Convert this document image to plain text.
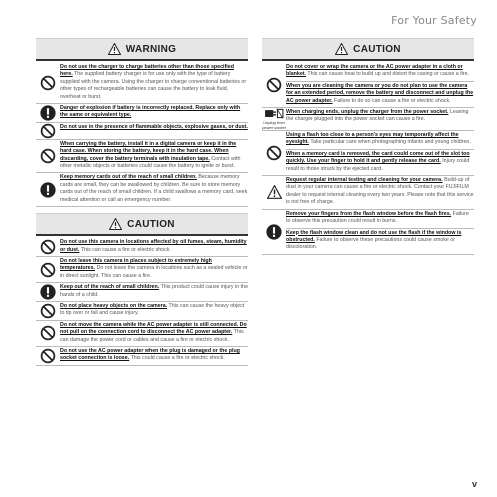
For Your Safety
WARNING
Do not use the charger to charge batteries other than those specified here. The supplied battery charger is for use only with the type of battery supplied with the camera. Using the charger to charge conventional batteries or other types of rechargeable batteries can cause the battery to leak fluid, overheat or burst.
Danger of explosion if battery is incorrectly replaced. Replace only with the same or equivalent type.
Do not use in the presence of flammable objects, explosive gases, or dust.
When carrying the battery, install it in a digital camera or keep it in the hard case. When storing the battery, keep it in the hard case. When discarding, cover the battery terminals with insulation tape. Contact with other metallic objects or batteries could cause the battery to ignite or burst.
Keep memory cards out of the reach of small children. Because memory cards are small, they can be swallowed by children. Be sure to store memory cards out of the reach of small children. If a child swallows a memory card, seek medical attention or call an emergency number.
CAUTION
Do not use this camera in locations affected by oil fumes, steam, humidity or dust. This can cause a fire or electric shock.
Do not leave this camera in places subject to extremely high temperatures. Do not leave the camera in locations such as a sealed vehicle or in direct sunlight. This can cause a fire.
Keep out of the reach of small children. This product could cause injury in the hands of a child.
Do not place heavy objects on the camera. This can cause the heavy object to tip over or fall and cause injury.
Do not move the camera while the AC power adapter is still connected. Do not pull on the connection cord to disconnect the AC power adapter. This can damage the power cord or cables and cause a fire or electric shock.
Do not use the AC power adapter when the plug is damaged or the plug socket connection is loose. This could cause a fire or electric shock.
CAUTION
Do not cover or wrap the camera or the AC power adapter in a cloth or blanket. This can cause heat to build up and distort the casing or cause a fire.
When you are cleaning the camera or you do not plan to use the camera for an extended period, remove the battery and disconnect and unplug the AC power adapter. Failure to do so can cause a fire or electric shock.
Unplug from power socket
When charging ends, unplug the charger from the power socket. Leaving the charger plugged into the power socket can cause a fire.
Using a flash too close to a person's eyes may temporarily affect the eyesight. Take particular care when photographing infants and young children.
When a memory card is removed, the card could come out of the slot too quickly. Use your finger to hold it and gently release the card. Injury could result to those struck by the ejected card.
Request regular internal testing and cleaning for your camera. Build-up of dust in your camera can cause a fire or electric shock. Contact your FUJIFILM dealer to request internal cleaning every two years. Please note that this service is not free of charge.
Remove your fingers from the flash window before the flash fires. Failure to observe this precaution could result in burns.
Keep the flash window clean and do not use the flash if the window is obstructed. Failure to observe these precautions could cause smoke or discoloration.
v
